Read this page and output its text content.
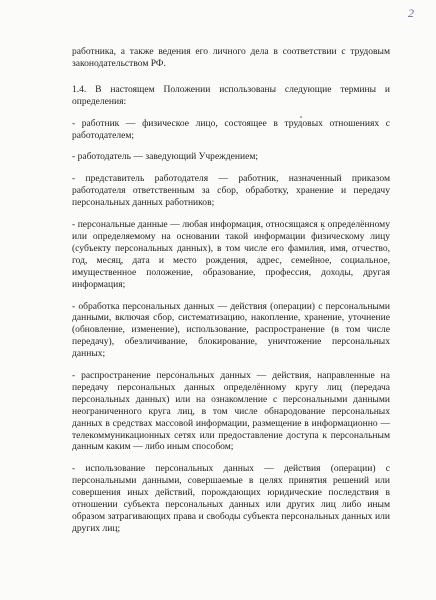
2

работника, а также ведения его личного дела в соответствии с трудовым законодательством РФ.

1.4. В настоящем Положении использованы следующие термины и определения:

- работник — физическое лицо, состоящее в трудовых отношениях с работодателем;

- работодатель — заведующий Учреждением;

- представитель работодателя — работник, назначенный приказом работодателя ответственным за сбор, обработку, хранение и передачу персональных данных работников;

- персональные данные — любая информация, относящаяся к определённому или определяемому на основании такой информации физическому лицу (субъекту персональных данных), в том числе его фамилия, имя, отчество, год, месяц, дата и место рождения, адрес, семейное, социальное, имущественное положение, образование, профессия, доходы, другая информация;

- обработка персональных данных — действия (операции) с персональными данными, включая сбор, систематизацию, накопление, хранение, уточнение (обновление, изменение), использование, распространение (в том числе передачу), обезличивание, блокирование, уничтожение персональных данных;

- распространение персональных данных — действия, направленные на передачу персональных данных определённому кругу лиц (передача персональных данных) или на ознакомление с персональными данными неограниченного круга лиц, в том числе обнародование персональных данных в средствах массовой информации, размещение в информационно — телекоммуникационных сетях или предоставление доступа к персональным данным каким — либо иным способом;

- использование персональных данных — действия (операции) с персональными данными, совершаемые в целях принятия решений или совершения иных действий, порождающих юридические последствия в отношении субъекта персональных данных или других лиц либо иным образом затрагивающих права и свободы субъекта персональных данных или других лиц;
